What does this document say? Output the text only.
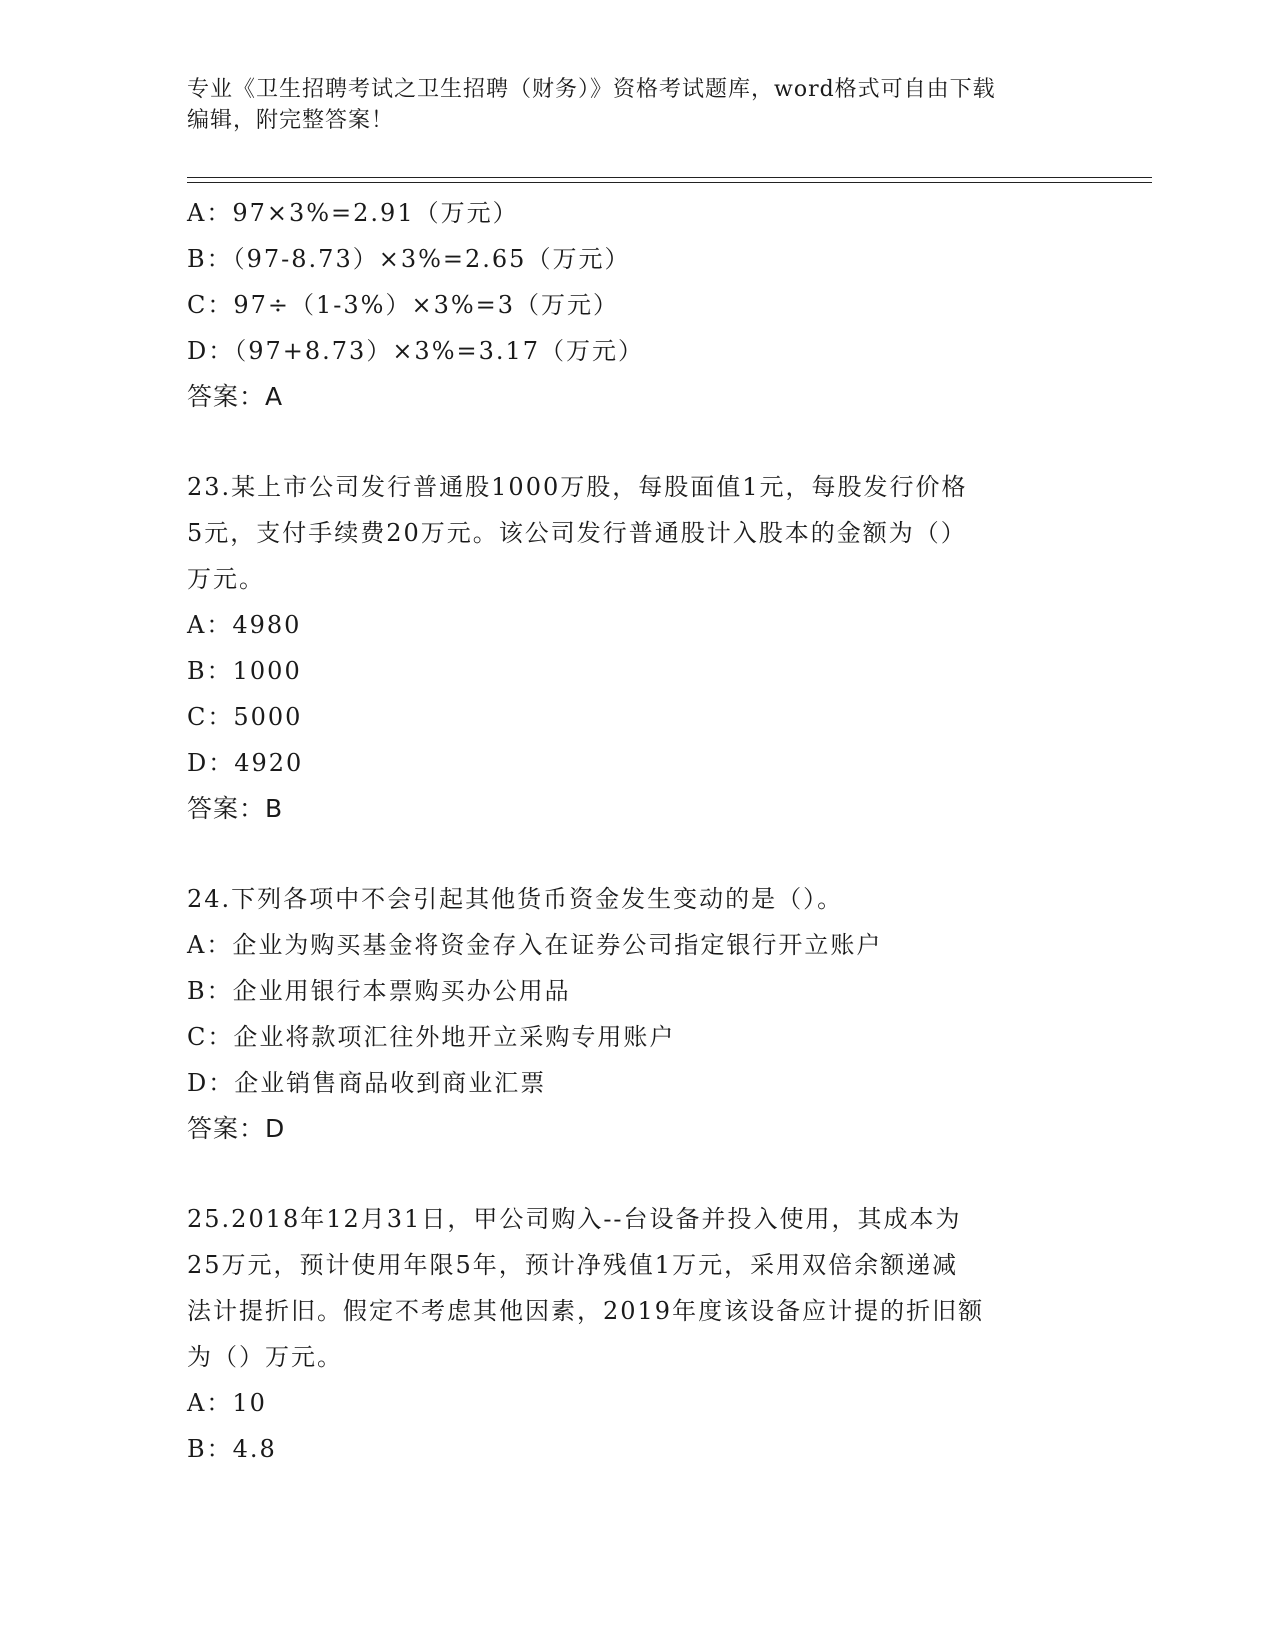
专业《卫生招聘考试之卫生招聘（财务）》资格考试题库，word格式可自由下载
编辑，附完整答案！
A：97×3%=2.91（万元）
B：（97-8.73）×3%=2.65（万元）
C：97÷（1-3%）×3%=3（万元）
D：（97+8.73）×3%=3.17（万元）
答案：A
23.某上市公司发行普通股1000万股，每股面值1元，每股发行价格
5元，支付手续费20万元。该公司发行普通股计入股本的金额为（）
万元。
A：4980
B：1000
C：5000
D：4920
答案：B
24.下列各项中不会引起其他货币资金发生变动的是（）。
A：企业为购买基金将资金存入在证券公司指定银行开立账户
B：企业用银行本票购买办公用品
C：企业将款项汇往外地开立采购专用账户
D：企业销售商品收到商业汇票
答案：D
25.2018年12月31日，甲公司购入--台设备并投入使用，其成本为
25万元，预计使用年限5年，预计净残值1万元，采用双倍余额递减
法计提折旧。假定不考虑其他因素，2019年度该设备应计提的折旧额
为（）万元。
A：10
B：4.8
